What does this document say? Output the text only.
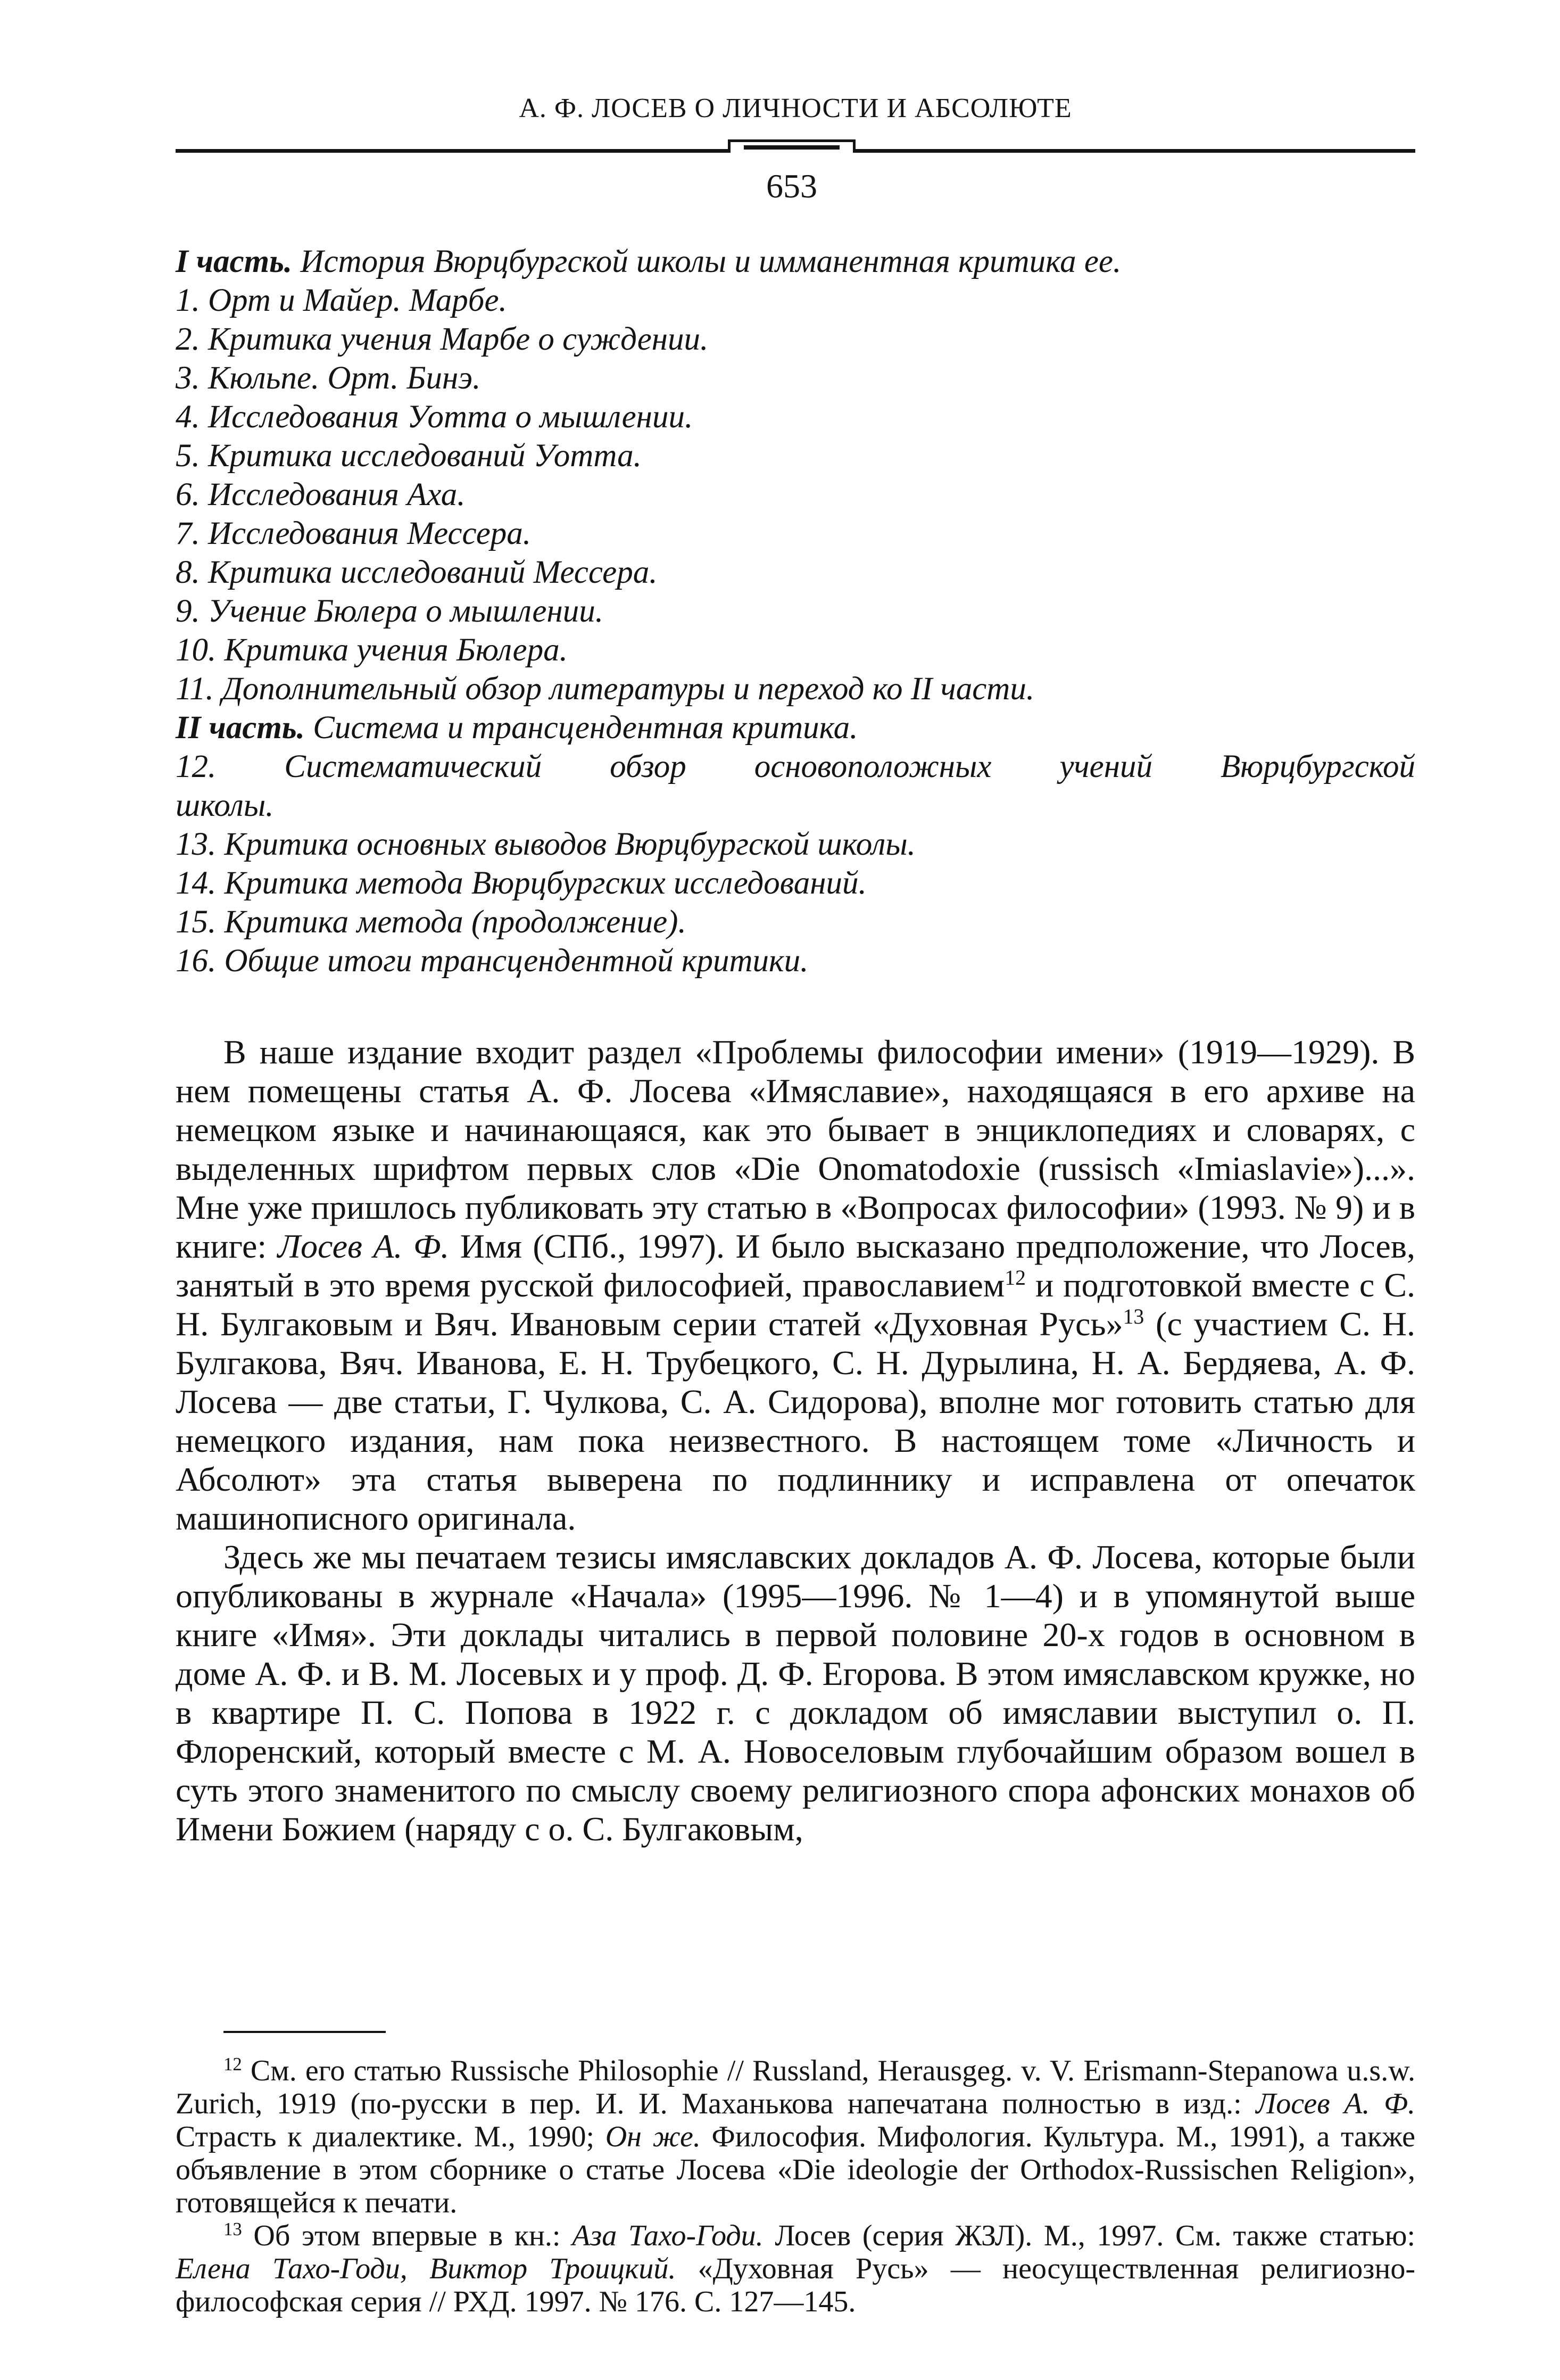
А. Ф. ЛОСЕВ О ЛИЧНОСТИ И АБСОЛЮТЕ
653
I часть. История Вюрцбургской школы и имманентная критика ее.
1. Орт и Майер. Марбе.
2. Критика учения Марбе о суждении.
3. Кюльпе. Орт. Бинэ.
4. Исследования Уотта о мышлении.
5. Критика исследований Уотта.
6. Исследования Аха.
7. Исследования Мессера.
8. Критика исследований Мессера.
9. Учение Бюлера о мышлении.
10. Критика учения Бюлера.
11. Дополнительный обзор литературы и переход ко II части.
II часть. Система и трансцендентная критика.
12. Систематический обзор основоположных учений Вюрцбургской
школы.
13. Критика основных выводов Вюрцбургской школы.
14. Критика метода Вюрцбургских исследований.
15. Критика метода (продолжение).
16. Общие итоги трансцендентной критики.

В наше издание входит раздел «Проблемы философии имени» (1919—1929). В нем помещены статья А. Ф. Лосева «Имяславие», находящаяся в его архиве на немецком языке и начинающаяся, как это бывает в энциклопедиях и словарях, с выделенных шрифтом первых слов «Die Onomatodoxie (russisch «Imiaslavie»)...». Мне уже пришлось публиковать эту статью в «Вопросах философии» (1993. № 9) и в книге: Лосев А. Ф. Имя (СПб., 1997). И было высказано предположение, что Лосев, занятый в это время русской философией, православием$^{12}$ и подготовкой вместе с С. Н. Булгаковым и Вяч. Ивановым серии статей «Духовная Русь»$^{13}$ (с участием С. Н. Булгакова, Вяч. Иванова, Е. Н. Трубецкого, С. Н. Дурылина, Н. А. Бердяева, А. Ф. Лосева — две статьи, Г. Чулкова, С. А. Сидорова), вполне мог готовить статью для немецкого издания, нам пока неизвестного. В настоящем томе «Личность и Абсолют» эта статья выверена по подлиннику и исправлена от опечаток машинописного оригинала.

Здесь же мы печатаем тезисы имяславских докладов А. Ф. Лосева, которые были опубликованы в журнале «Начала» (1995—1996. № 1—4) и в упомянутой выше книге «Имя». Эти доклады читались в первой половине 20-х годов в основном в доме А. Ф. и В. М. Лосевых и у проф. Д. Ф. Егорова. В этом имяславском кружке, но в квартире П. С. Попова в 1922 г. с докладом об имяславии выступил о. П. Флоренский, который вместе с М. А. Новоселовым глубочайшим образом вошел в суть этого знаменитого по смыслу своему религиозного спора афонских монахов об Имени Божием (наряду с о. С. Булгаковым,

$^{12}$ См. его статью Russische Philosophie // Russland, Herausgeg. v. V. Erismann-Stepanowa u.s.w. Zurich, 1919 (по-русски в пер. И. И. Маханькова напечатана полностью в изд.: Лосев А. Ф. Страсть к диалектике. М., 1990; Он же. Философия. Мифология. Культура. М., 1991), а также объявление в этом сборнике о статье Лосева «Die ideologie der Orthodox-Russischen Religion», готовящейся к печати.

$^{13}$ Об этом впервые в кн.: Аза Тахо-Годи. Лосев (серия ЖЗЛ). М., 1997. См. также статью: Елена Тахо-Годи, Виктор Троицкий. «Духовная Русь» — неосуществленная религиозно-философская серия // РХД. 1997. № 176. С. 127—145.
